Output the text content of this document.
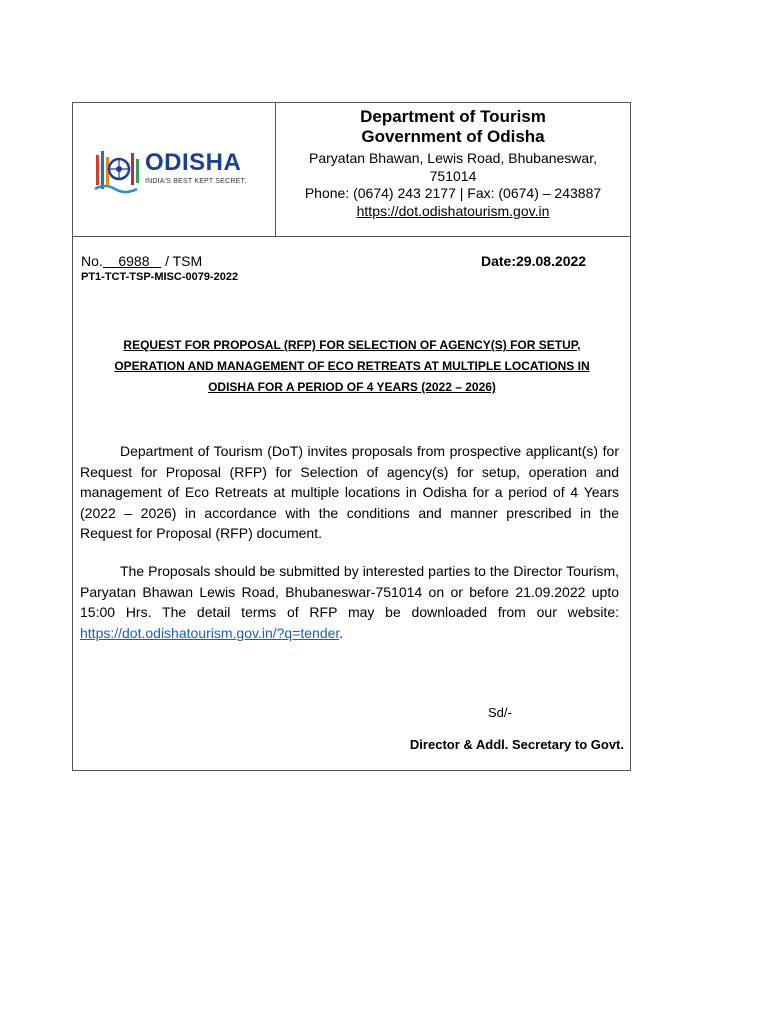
ODISHA
INDIA'S BEST KEPT SECRET.
Department of Tourism
Government of Odisha
Paryatan Bhawan, Lewis Road, Bhubaneswar, 751014
Phone: (0674) 243 2177 | Fax: (0674) – 243887
https://dot.odishatourism.gov.in
No. 6988 / TSM	Date:29.08.2022
PT1-TCT-TSP-MISC-0079-2022
REQUEST FOR PROPOSAL (RFP) FOR SELECTION OF AGENCY(S) FOR SETUP, OPERATION AND MANAGEMENT OF ECO RETREATS AT MULTIPLE LOCATIONS IN ODISHA FOR A PERIOD OF 4 YEARS (2022 – 2026)
Department of Tourism (DoT) invites proposals from prospective applicant(s) for Request for Proposal (RFP) for Selection of agency(s) for setup, operation and management of Eco Retreats at multiple locations in Odisha for a period of 4 Years (2022 – 2026) in accordance with the conditions and manner prescribed in the Request for Proposal (RFP) document.
The Proposals should be submitted by interested parties to the Director Tourism, Paryatan Bhawan Lewis Road, Bhubaneswar-751014 on or before 21.09.2022 upto 15:00 Hrs. The detail terms of RFP may be downloaded from our website: https://dot.odishatourism.gov.in/?q=tender.
Sd/-
Director & Addl. Secretary to Govt.
